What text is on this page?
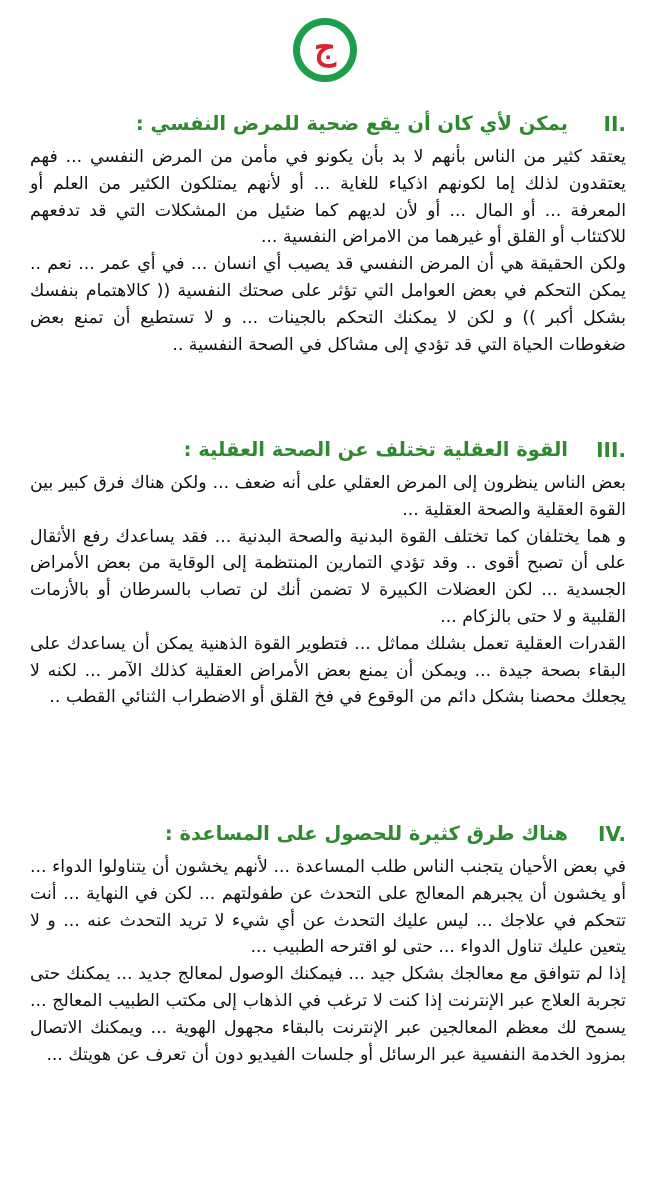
ج
II.
يمكن لأي كان أن يقع ضحية للمرض النفسي :

يعتقد كثير من الناس بأنهم لا بد بأن يكونو في مأمن من المرض النفسي ... فهم يعتقدون لذلك إما لكونهم اذكياء للغاية ... أو لأنهم يمتلكون الكثير من العلم أو المعرفة ... أو المال ... أو لأن لديهم كما ضئيل من المشكلات التي قد تدفعهم للاكتئاب أو القلق أو غيرهما من الامراض النفسية ...

ولكن الحقيقة هي أن المرض النفسي قد يصيب أي انسان ... في أي عمر ... نعم .. يمكن التحكم في بعض العوامل التي تؤثر على صحتك النفسية (( كالاهتمام بنفسك بشكل أكبر )) و لكن لا يمكنك التحكم بالجينات ... و لا تستطيع أن تمنع بعض ضغوطات الحياة التي قد تؤدي إلى مشاكل في الصحة النفسية ..

III.
القوة العقلية تختلف عن الصحة العقلية :

بعض الناس ينظرون إلى المرض العقلي على أنه ضعف ... ولكن هناك فرق كبير بين القوة العقلية والصحة العقلية ...

و هما يختلفان كما تختلف القوة البدنية والصحة البدنية ... فقد يساعدك رفع الأثقال على أن تصبح أقوى .. وقد تؤدي التمارين المنتظمة إلى الوقاية من بعض الأمراض الجسدية ... لكن العضلات الكبيرة لا تضمن أنك لن تصاب بالسرطان أو بالأزمات القلبية و لا حتى بالزكام ...

القدرات العقلية تعمل بشلك مماثل ... فتطوير القوة الذهنية يمكن أن يساعدك على البقاء بصحة جيدة ... ويمكن أن يمنع بعض الأمراض العقلية كذلك الآمر ... لكنه لا يجعلك محصنا بشكل دائم من الوقوع في فخ القلق أو الاضطراب الثنائي القطب ..

IV.
هناك طرق كثيرة للحصول على المساعدة :

في بعض الأحيان يتجنب الناس طلب المساعدة ... لأنهم يخشون أن يتناولوا الدواء ... أو يخشون أن يجبرهم المعالج على التحدث عن طفولتهم ... لكن في النهاية ... أنت تتحكم في علاجك ... ليس عليك التحدث عن أي شيء لا تريد التحدث عنه ... و لا يتعين عليك تناول الدواء ... حتى لو اقترحه الطبيب ...

إذا لم تتوافق مع معالجك بشكل جيد ... فيمكنك الوصول لمعالج جديد ... يمكنك حتى تجربة العلاج عبر الإنترنت إذا كنت لا ترغب في الذهاب إلى مكتب الطبيب المعالج ... يسمح لك معظم المعالجين عبر الإنترنت بالبقاء مجهول الهوية ... ويمكنك الاتصال بمزود الخدمة النفسية عبر الرسائل أو جلسات الفيديو دون أن تعرف عن هويتك ...
